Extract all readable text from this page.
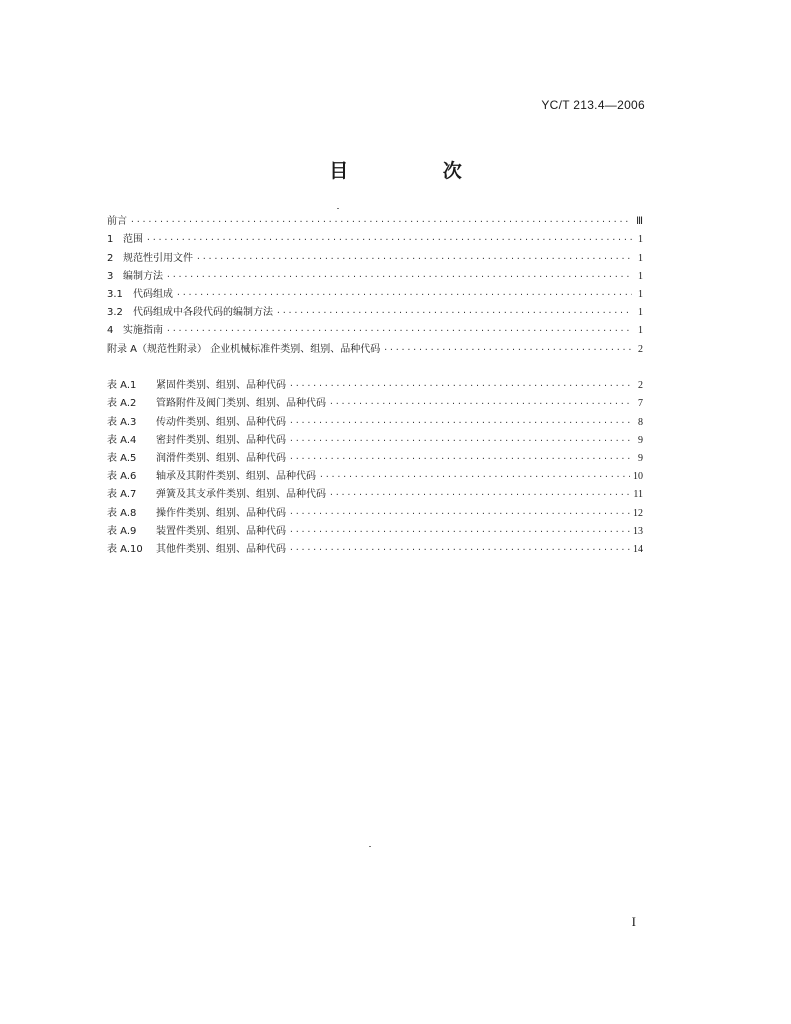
YC/T 213.4—2006
目 次
前言 ·····	Ⅲ
1 范围 ·····	1
2 规范性引用文件 ·····	1
3 编制方法 ·····	1
3.1	代码组成 ·····	1
3.2	代码组成中各段代码的编制方法 ·····	1
4 实施指南 ·····	1
附录 A（规范性附录） 企业机械标准件类别、组别、品种代码 ·····	2
表 A.1	紧固件类别、组别、品种代码 ·····	2
表 A.2	管路附件及阀门类别、组别、品种代码 ·····	7
表 A.3	传动件类别、组别、品种代码 ·····	8
表 A.4	密封件类别、组别、品种代码 ·····	9
表 A.5	润滑件类别、组别、品种代码 ·····	9
表 A.6	轴承及其附件类别、组别、品种代码 ·····	10
表 A.7	弹簧及其支承件类别、组别、品种代码 ·····	11
表 A.8	操作件类别、组别、品种代码 ·····	12
表 A.9	装置件类别、组别、品种代码 ·····	13
表 A.10	其他件类别、组别、品种代码 ·····	14
I
